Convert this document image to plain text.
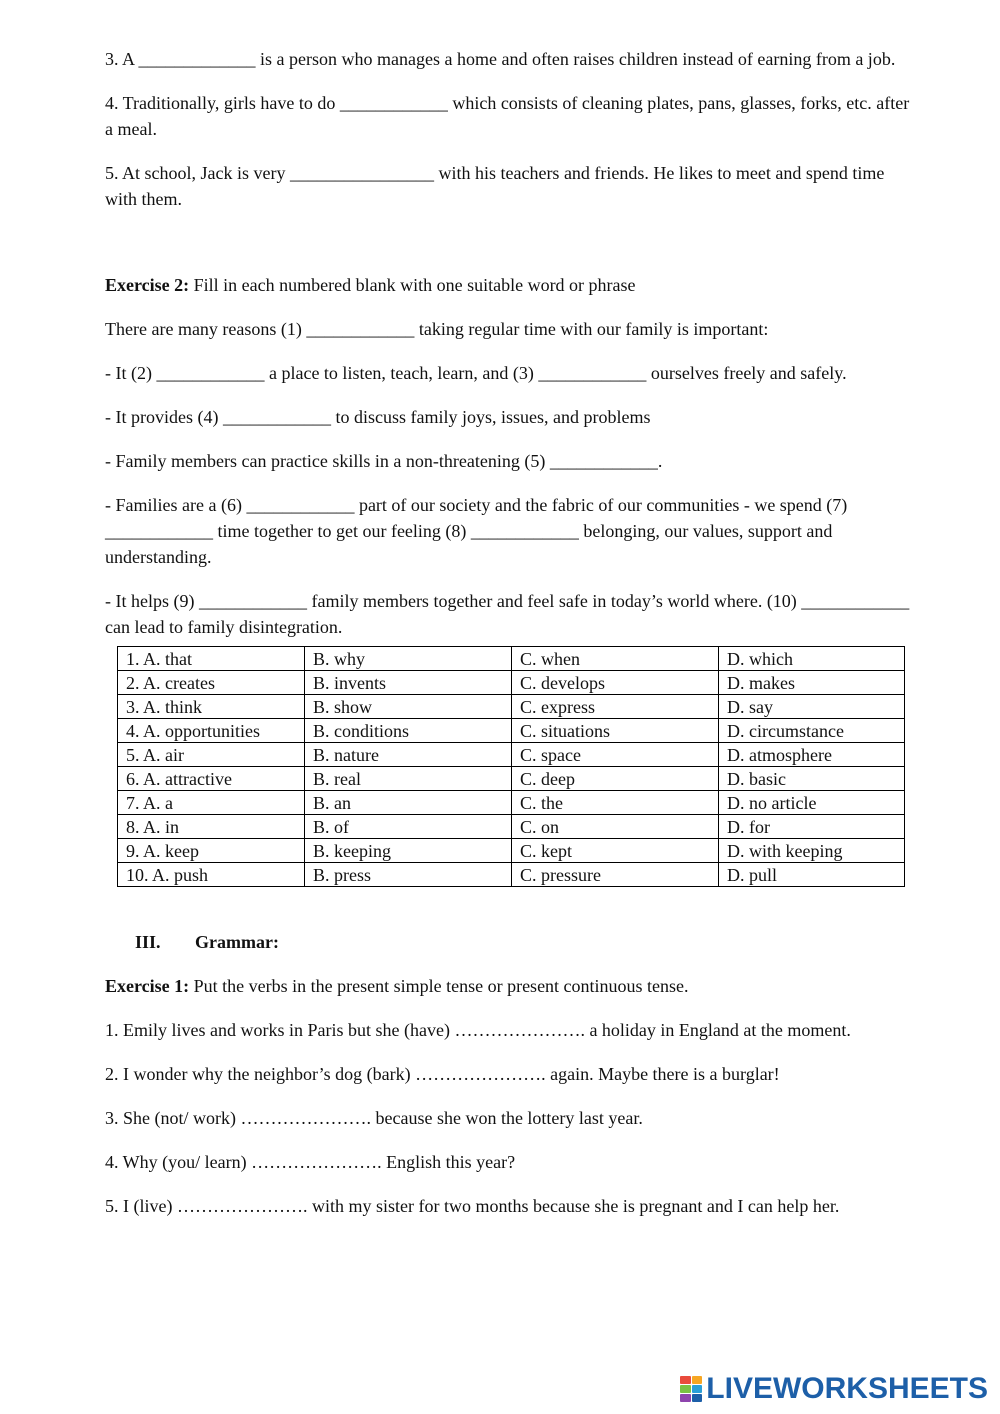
3. A _____________ is a person who manages a home and often raises children instead of earning from a job.

4. Traditionally, girls have to do ____________ which consists of cleaning plates, pans, glasses, forks, etc. after a meal.

5. At school, Jack is very ________________ with his teachers and friends. He likes to meet and spend time with them.

Exercise 2: Fill in each numbered blank with one suitable word or phrase

There are many reasons (1) ____________ taking regular time with our family is important:

- It (2) ____________ a place to listen, teach, learn, and (3) ____________ ourselves freely and safely.

- It provides (4) ____________ to discuss family joys, issues, and problems

- Family members can practice skills in a non-threatening (5) ____________.

- Families are a (6) ____________ part of our society and the fabric of our communities - we spend (7) ____________ time together to get our feeling (8) ____________ belonging, our values, support and understanding.

- It helps (9) ____________ family members together and feel safe in today’s world where. (10) ____________ can lead to family disintegration.

1. A. that	B. why	C. when	D. which
2. A. creates	B. invents	C. develops	D. makes
3. A. think	B. show	C. express	D. say
4. A. opportunities	B. conditions	C. situations	D. circumstance
5. A. air	B. nature	C. space	D. atmosphere
6. A. attractive	B. real	C. deep	D. basic
7. A. a	B. an	C. the	D. no article
8. A. in	B. of	C. on	D. for
9. A. keep	B. keeping	C. kept	D. with keeping
10. A. push	B. press	C. pressure	D. pull
III. Grammar:

Exercise 1: Put the verbs in the present simple tense or present continuous tense.

1. Emily lives and works in Paris but she (have) …………………. a holiday in England at the moment.

2. I wonder why the neighbor’s dog (bark) …………………. again. Maybe there is a burglar!

3. She (not/ work) …………………. because she won the lottery last year.

4. Why (you/ learn) …………………. English this year?

5. I (live) …………………. with my sister for two months because she is pregnant and I can help her.

LIVEWORKSHEETS
